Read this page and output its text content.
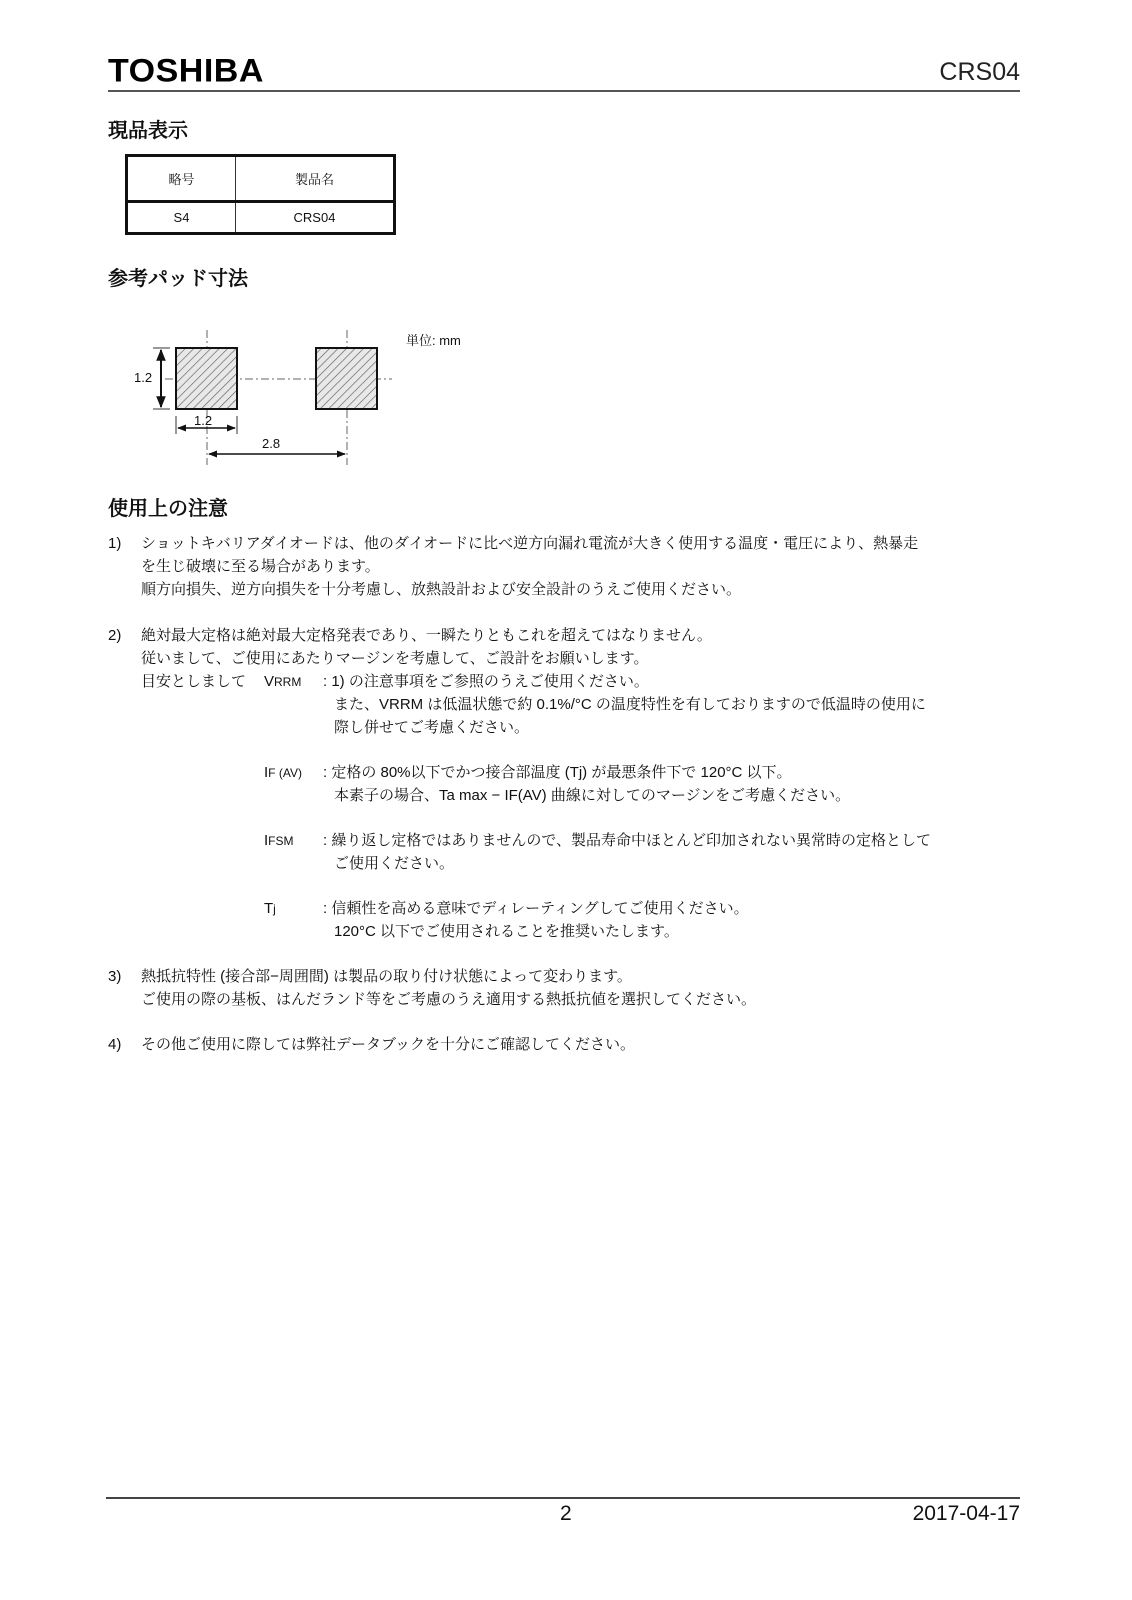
TOSHIBA	CRS04
現品表示
略号	製品名
S4	CRS04
参考パッド寸法
単位: mm
1.2
1.2
2.8
使用上の注意
1) ショットキバリアダイオードは、他のダイオードに比べ逆方向漏れ電流が大きく使用する温度・電圧により、熱暴走
を生じ破壊に至る場合があります。
順方向損失、逆方向損失を十分考慮し、放熱設計および安全設計のうえご使用ください。
2) 絶対最大定格は絶対最大定格発表であり、一瞬たりともこれを超えてはなりません。
従いまして、ご使用にあたりマージンを考慮して、ご設計をお願いします。
目安としまして VRRM : 1) の注意事項をご参照のうえご使用ください。
また、VRRM は低温状態で約 0.1%/°C の温度特性を有しておりますので低温時の使用に
際し併せてご考慮ください。
IF (AV) : 定格の 80%以下でかつ接合部温度 (Tj) が最悪条件下で 120°C 以下。
本素子の場合、Ta max − IF(AV) 曲線に対してのマージンをご考慮ください。
IFSM : 繰り返し定格ではありませんので、製品寿命中ほとんど印加されない異常時の定格として
ご使用ください。
Tj	: 信頼性を高める意味でディレーティングしてご使用ください。
120°C 以下でご使用されることを推奨いたします。
3) 熱抵抗特性 (接合部−周囲間) は製品の取り付け状態によって変わります。
ご使用の際の基板、はんだランド等をご考慮のうえ適用する熱抵抗値を選択してください。
4) その他ご使用に際しては弊社データブックを十分にご確認してください。
2	2017-04-17
